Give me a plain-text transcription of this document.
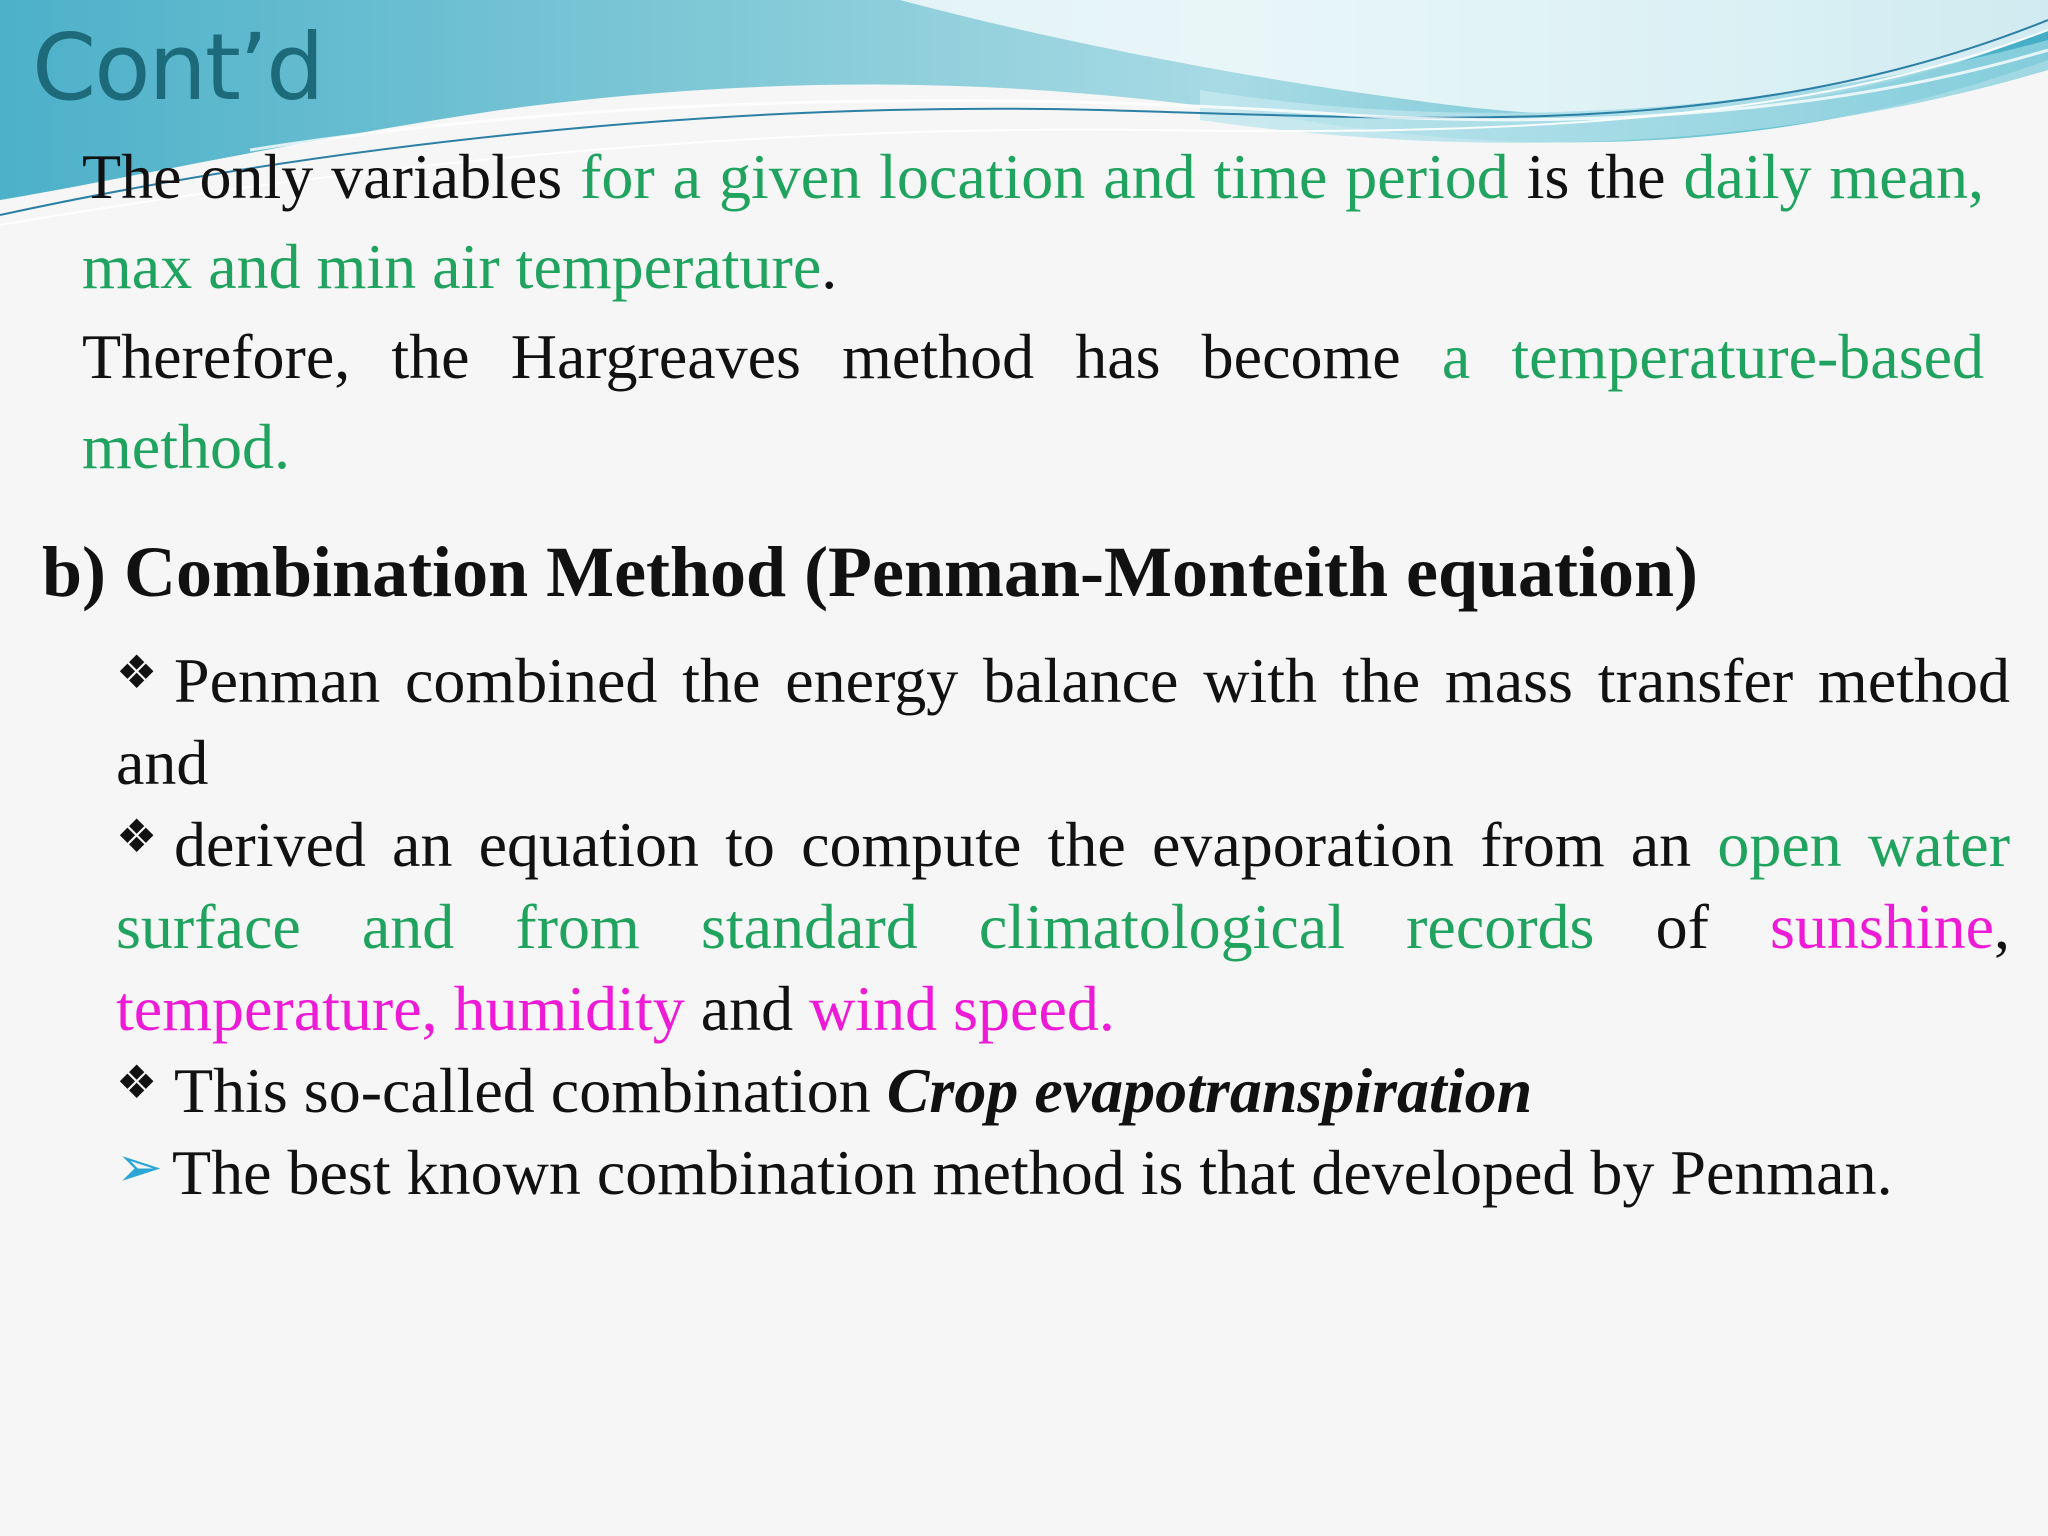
Cont’d

The only variables for a given location and time period is the daily mean, max and min air temperature.

Therefore, the Hargreaves method has become a temperature-based method.

b) Combination Method (Penman-Monteith equation)
❖ Penman combined the energy balance with the mass transfer method and
❖ derived an equation to compute the evaporation from an open water surface and from standard climatological records of sunshine, temperature, humidity and wind speed.
❖ This so-called combination Crop evapotranspiration
➢ The best known combination method is that developed by Penman.
